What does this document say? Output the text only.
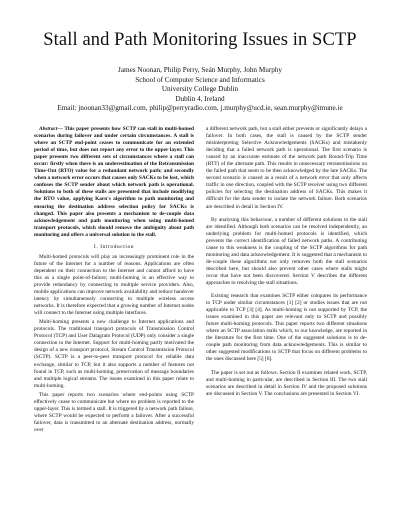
Stall and Path Monitoring Issues in SCTP
James Noonan, Philip Perry, Seán Murphy, John Murphy
School of Computer Science and Informatics
University College Dublin
Dublin 4, Ireland
Email: jnoonan33@gmail.com, philip@perryradio.com, j.murphy@ucd.ie, sean.murphy@imune.ie
Abstract— This paper presents how SCTP can stall in multi-homed scenarios during failover and under certain circumstances. A stall is where an SCTP end-point ceases to communicate for an extended period of time, but does not report any error to the upper layer. This paper presents two different sets of circumstances where a stall can occur: firstly when there is an underestimation of the Retransmission Time-Out (RTO) value for a redundant network path; and secondly when a network error occurs that causes only SACKs to be lost, which confuses the SCTP sender about which network path is operational. Solutions to both of these stalls are presented that include modifying the RTO value, applying Karn's algorithm to path monitoring and ensuring the destination address selection policy for SACKs is changed. This paper also presents a mechanism to de-couple data acknowledgement and path monitoring when using multi-homed transport protocols, which should remove the ambiguity about path monitoring and offers a universal solution to the stall.
I. Introduction

Multi-homed protocols will play an increasingly prominent role in the future of the Internet for a number of reasons. Applications are often dependent on their connection to the Internet and cannot afford to have this as a single point-of-failure; multi-homing is an effective way to provide redundancy by connecting to multiple service providers. Also, mobile applications can improve network availability and reduce handover latency by simultaneously connecting to multiple wireless access networks. It is therefore expected that a growing number of Internet nodes will connect to the Internet using multiple interfaces.

Multi-homing presents a new challenge to Internet applications and protocols. The traditional transport protocols of Transmission Control Protocol (TCP) and User Datagram Protocol (UDP) only consider a single connection to the Internet. Support for multi-homing partly motivated the design of a new transport protocol, Stream Control Transmission Protocol (SCTP). SCTP is a peer-to-peer transport protocol for reliable data exchange, similar to TCP, but it also supports a number of features not found in TCP, such as multi-homing, preservation of message boundaries and multiple logical streams. The issues examined in this paper relate to multi-homing.

This paper reports two scenarios where end-points using SCTP effectively cease to communicate but where no problem is reported to the upper-layer. This is termed a stall. It is triggered by a network path failure, where SCTP would be expected to perform a failover. After a successful failover, data is transmitted to an alternate destination address, normally over

a different network path, but a stall either prevents or significantly delays a failover. In both cases, the stall is caused by the SCTP sender misinterpreting Selective Acknowledgements (SACKs) and mistakenly deciding that a failed network path is operational. The first scenario is caused by an inaccurate estimate of the network path Round-Trip Time (RTT) of the alternate path. This results in unnecessary retransmissions on the failed path that seem to be then acknowledged by the late SACKs. The second scenario is caused as a result of a network error that only affects traffic in one direction, coupled with the SCTP receiver using two different policies for selecting the destination address of SACKs. This makes it difficult for the data sender to isolate the network failure. Both scenarios are described in detail in Section IV.

By analysing this behaviour, a number of different solutions to the stall are identified. Although both scenarios can be resolved independently, an underlying problem for multi-homed protocols is identified, which prevents the correct identification of failed network paths. A contributing cause to this weakness is the coupling of the SCTP algorithms for path monitoring and data acknowledgement. It is suggested that a mechanism to de-couple these algorithms not only removes both the stall scenarios described here, but should also prevent other cases where stalls might occur that have not been discovered. Section V describes the different approaches to resolving the stall situations.

Existing research that examines SCTP either compares its performance to TCP under similar circumstances [1] [2] or studies issues that are not applicable to TCP [3] [4]. As multi-homing is not supported by TCP, the issues examined in this paper are relevant only to SCTP and possibly future multi-homing protocols. This paper reports two different situations where an SCTP association stalls which, to our knowledge, are reported in the literature for the first time. One of the suggested solutions is to de-couple path monitoring from data acknowledgements. This is similar to other suggested modifications to SCTP that focus on different problems to the ones discussed here [5] [6].

The paper is set out as follows. Section II examines related work, SCTP, and multi-homing in particular, are described in Section III. The two stall scenarios are described in detail in Section IV and the proposed solutions are discussed in Section V. The conclusions are presented in Section VI.
